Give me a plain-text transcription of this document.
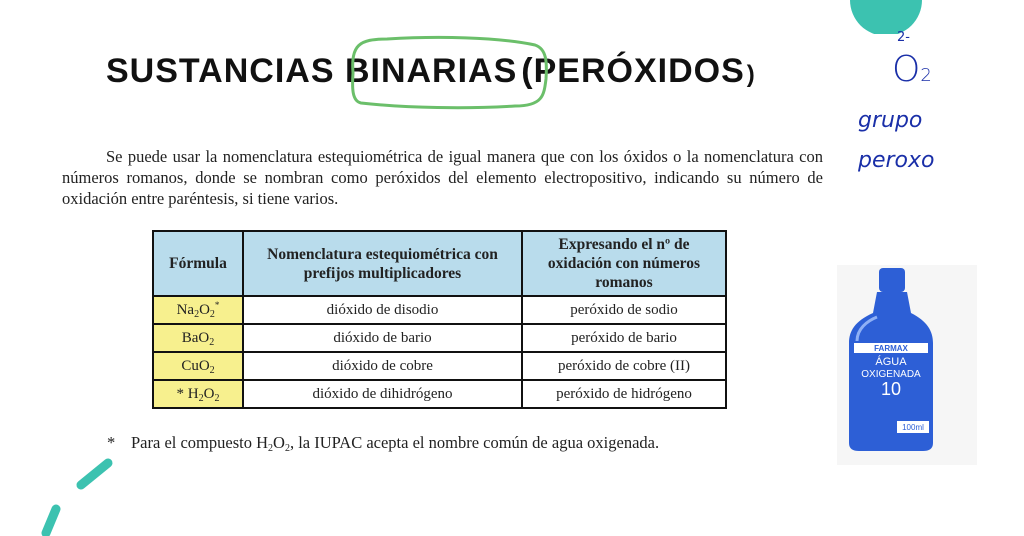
SUSTANCIAS BINARIAS (PERÓXIDOS)
2-
O2
grupo
peroxo
Se puede usar la nomenclatura estequiométrica de igual manera que con los óxidos o la nomenclatura con números romanos, donde se nombran como peróxidos del elemento electropositivo, indicando su número de oxidación entre paréntesis, si tiene varios.
Fórmula	Nomenclatura estequiométrica con prefijos multiplicadores	Expresando el nº de oxidación con números romanos
$Na_2O_2^*$	dióxido de disodio	peróxido de sodio
BaO$_2$	dióxido de bario	peróxido de bario
CuO$_2$	dióxido de cobre	peróxido de cobre (II)
* $H_2O_2$	dióxido de dihidrógeno	peróxido de hidrógeno
* Para el compuesto $H_2O_2$, la IUPAC acepta el nombre común de agua oxigenada.
FARMAX
ÁGUA
OXIGENADA
10
100ml
